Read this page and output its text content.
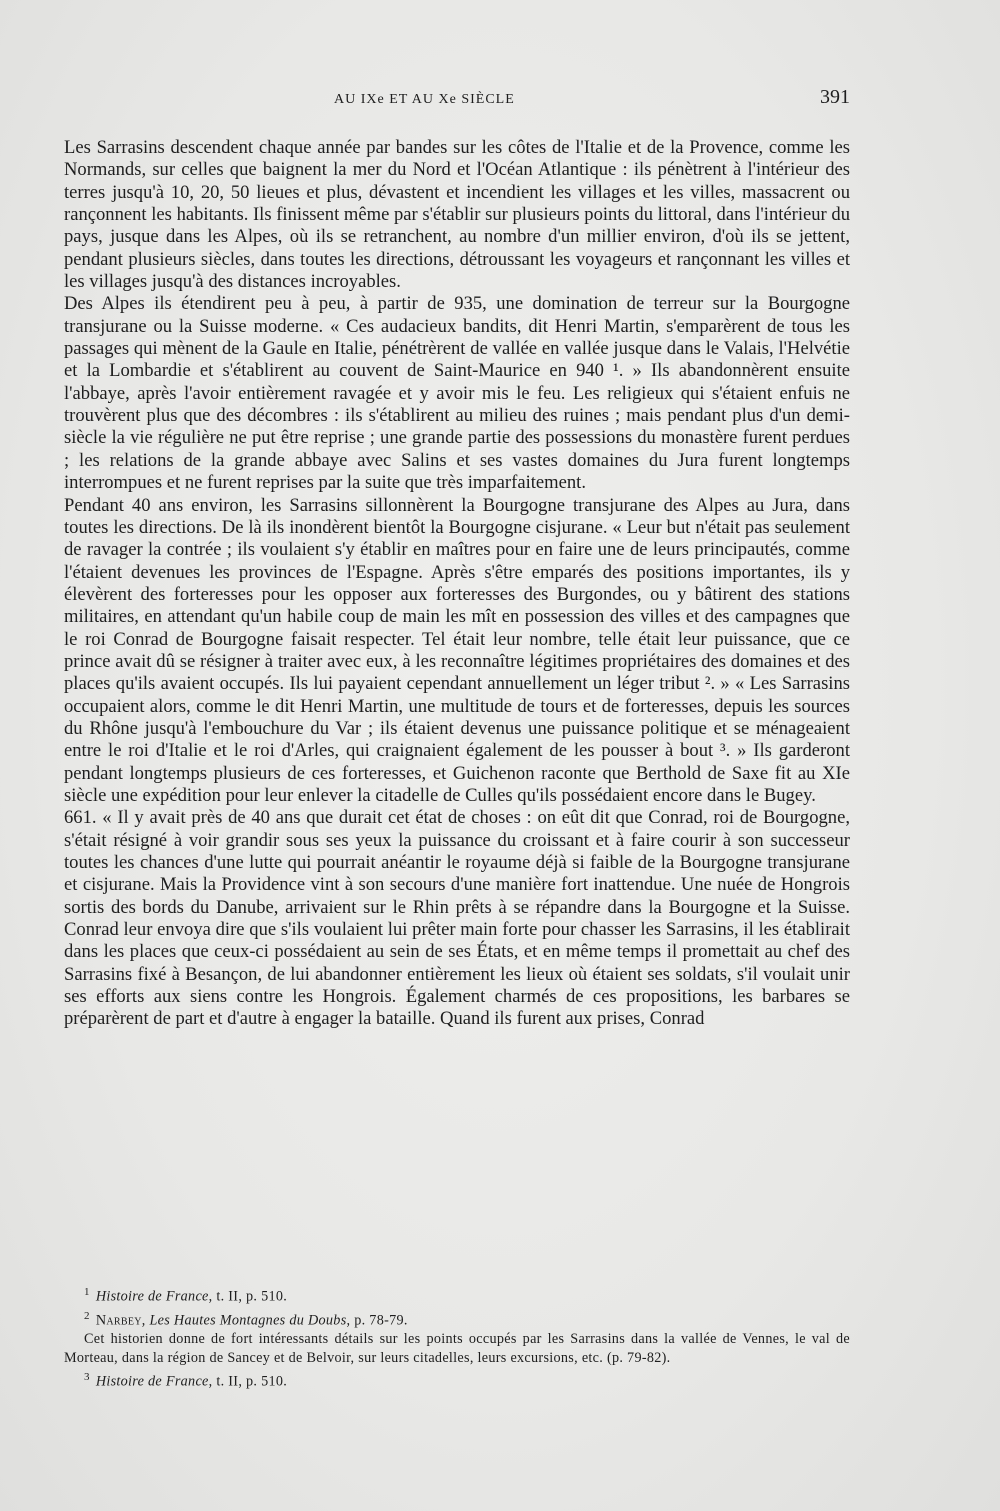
AU IXe ET AU Xe SIÈCLE	391

Les Sarrasins descendent chaque année par bandes sur les côtes de l'Italie et de la Provence, comme les Normands, sur celles que baignent la mer du Nord et l'Océan Atlantique : ils pénètrent à l'intérieur des terres jusqu'à 10, 20, 50 lieues et plus, dévastent et incendient les villages et les villes, massacrent ou rançonnent les habitants. Ils finissent même par s'établir sur plusieurs points du littoral, dans l'intérieur du pays, jusque dans les Alpes, où ils se retranchent, au nombre d'un millier environ, d'où ils se jettent, pendant plusieurs siècles, dans toutes les directions, détroussant les voyageurs et rançonnant les villes et les villages jusqu'à des distances incroyables.

Des Alpes ils étendirent peu à peu, à partir de 935, une domination de terreur sur la Bourgogne transjurane ou la Suisse moderne. « Ces audacieux bandits, dit Henri Martin, s'emparèrent de tous les passages qui mènent de la Gaule en Italie, pénétrèrent de vallée en vallée jusque dans le Valais, l'Helvétie et la Lombardie et s'établirent au couvent de Saint-Maurice en 940 ¹. » Ils abandonnèrent ensuite l'abbaye, après l'avoir entièrement ravagée et y avoir mis le feu. Les religieux qui s'étaient enfuis ne trouvèrent plus que des décombres : ils s'établirent au milieu des ruines ; mais pendant plus d'un demi-siècle la vie régulière ne put être reprise ; une grande partie des possessions du monastère furent perdues ; les relations de la grande abbaye avec Salins et ses vastes domaines du Jura furent longtemps interrompues et ne furent reprises par la suite que très imparfaitement.

Pendant 40 ans environ, les Sarrasins sillonnèrent la Bourgogne transjurane des Alpes au Jura, dans toutes les directions. De là ils inondèrent bientôt la Bourgogne cisjurane. « Leur but n'était pas seulement de ravager la contrée ; ils voulaient s'y établir en maîtres pour en faire une de leurs principautés, comme l'étaient devenues les provinces de l'Espagne. Après s'être emparés des positions importantes, ils y élevèrent des forteresses pour les opposer aux forteresses des Burgondes, ou y bâtirent des stations militaires, en attendant qu'un habile coup de main les mît en possession des villes et des campagnes que le roi Conrad de Bourgogne faisait respecter. Tel était leur nombre, telle était leur puissance, que ce prince avait dû se résigner à traiter avec eux, à les reconnaître légitimes propriétaires des domaines et des places qu'ils avaient occupés. Ils lui payaient cependant annuellement un léger tribut ². » « Les Sarrasins occupaient alors, comme le dit Henri Martin, une multitude de tours et de forteresses, depuis les sources du Rhône jusqu'à l'embouchure du Var ; ils étaient devenus une puissance politique et se ménageaient entre le roi d'Italie et le roi d'Arles, qui craignaient également de les pousser à bout ³. » Ils garderont pendant longtemps plusieurs de ces forteresses, et Guichenon raconte que Berthold de Saxe fit au XIe siècle une expédition pour leur enlever la citadelle de Culles qu'ils possédaient encore dans le Bugey.

661. « Il y avait près de 40 ans que durait cet état de choses : on eût dit que Conrad, roi de Bourgogne, s'était résigné à voir grandir sous ses yeux la puissance du croissant et à faire courir à son successeur toutes les chances d'une lutte qui pourrait anéantir le royaume déjà si faible de la Bourgogne transjurane et cisjurane. Mais la Providence vint à son secours d'une manière fort inattendue. Une nuée de Hongrois sortis des bords du Danube, arrivaient sur le Rhin prêts à se répandre dans la Bourgogne et la Suisse. Conrad leur envoya dire que s'ils voulaient lui prêter main forte pour chasser les Sarrasins, il les établirait dans les places que ceux-ci possédaient au sein de ses États, et en même temps il promettait au chef des Sarrasins fixé à Besançon, de lui abandonner entièrement les lieux où étaient ses soldats, s'il voulait unir ses efforts aux siens contre les Hongrois. Également charmés de ces propositions, les barbares se préparèrent de part et d'autre à engager la bataille. Quand ils furent aux prises, Conrad

$^1$ Histoire de France, t. II, p. 510.

$^2$ Narbey, Les Hautes Montagnes du Doubs, p. 78-79.

Cet historien donne de fort intéressants détails sur les points occupés par les Sarrasins dans la vallée de Vennes, le val de Morteau, dans la région de Sancey et de Belvoir, sur leurs citadelles, leurs excursions, etc. (p. 79-82).

$^3$ Histoire de France, t. II, p. 510.
